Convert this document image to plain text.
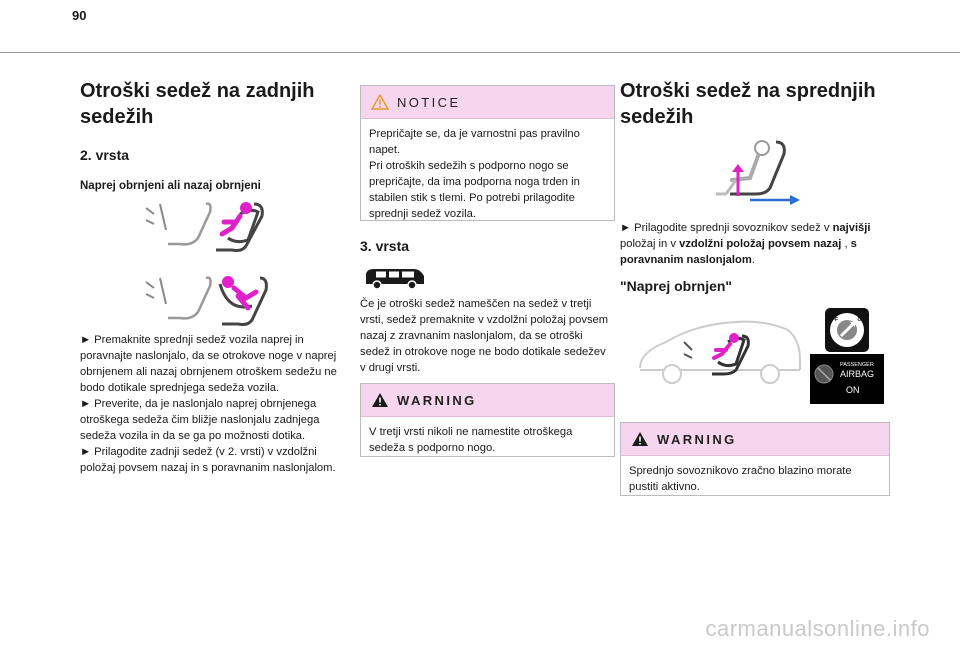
90
Otroški sedež na zadnjih sedežih
2. vrsta
Naprej obrnjeni ali nazaj obrnjeni

► Premaknite sprednji sedež vozila naprej in poravnajte naslonjalo, da se otrokove noge v naprej obrnjenem ali nazaj obrnjenem otroškem sedežu ne bodo dotikale sprednjega sedeža vozila.

► Preverite, da je naslonjalo naprej obrnjenega otroškega sedeža čim bližje naslonjalu zadnjega sedeža vozila in da se ga po možnosti dotika.

► Prilagodite zadnji sedež (v 2. vrsti) v vzdolžni položaj povsem nazaj in s poravnanim naslonjalom.

NOTICE
Prepričajte se, da je varnostni pas pravilno napet.
Pri otroških sedežih s podporno nogo se prepričajte, da ima podporna noga trden in stabilen stik s tlemi. Po potrebi prilagodite sprednji sedež vozila.
3. vrsta

Če je otroški sedež nameščen na sedež v tretji vrsti, sedež premaknite v vzdolžni položaj povsem nazaj z zravnanim naslonjalom, da se otroški sedež in otrokove noge ne bodo dotikale sedežev v drugi vrsti.

WARNING
V tretji vrsti nikoli ne namestite otroškega sedeža s podporno nogo.
Otroški sedež na sprednjih sedežih
► Prilagodite sprednji sovoznikov sedež v najvišji položaj in v vzdolžni položaj povsem nazaj , s poravnanim naslonjalom.
"Naprej obrnjen"
OFF	ON
PASSENGER
AIRBAG
ON
WARNING
Sprednjo sovoznikovo zračno blazino morate pustiti aktivno.
carmanualsonline.info
